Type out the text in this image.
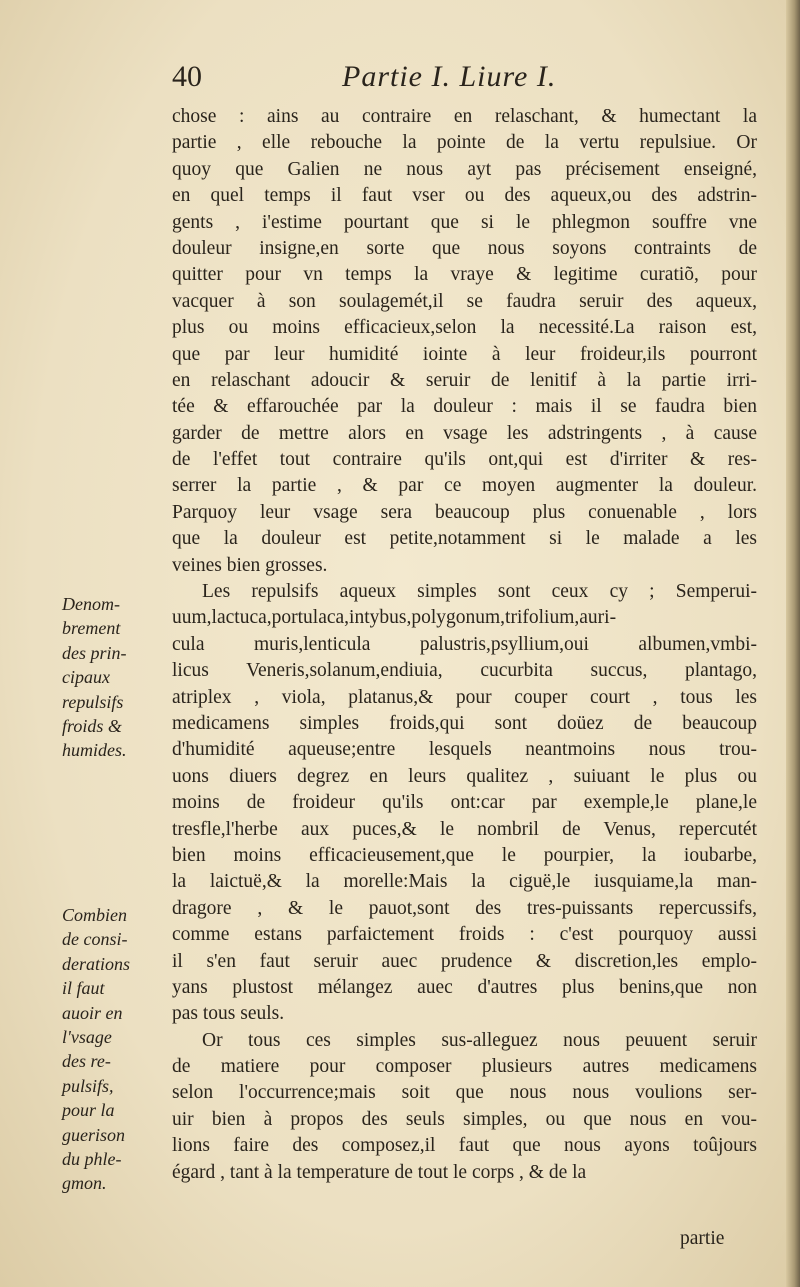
40	Partie I. Liure I.
chose : ains au contraire en relaschant, & humectant la
partie , elle rebouche la pointe de la vertu repulsiue. Or
quoy que Galien ne nous ayt pas précisement enseigné,
en quel temps il faut vser ou des aqueux,ou des adstrin-
gents , i'estime pourtant que si le phlegmon souffre vne
douleur insigne,en sorte que nous soyons contraints de
quitter pour vn temps la vraye & legitime curatiõ, pour
vacquer à son soulagemét,il se faudra seruir des aqueux,
plus ou moins efficacieux,selon la necessité.La raison est,
que par leur humidité iointe à leur froideur,ils pourront
en relaschant adoucir & seruir de lenitif à la partie irri-
tée & effarouchée par la douleur : mais il se faudra bien
garder de mettre alors en vsage les adstringents , à cause
de l'effet tout contraire qu'ils ont,qui est d'irriter & res-
serrer la partie , & par ce moyen augmenter la douleur.
Parquoy leur vsage sera beaucoup plus conuenable , lors
que la douleur est petite,notamment si le malade a les
veines bien grosses.
Les repulsifs aqueux simples sont ceux cy ; Semperui-
uum,lactuca,portulaca,intybus,polygonum,trifolium,auri-
cula muris,lenticula palustris,psyllium,oui albumen,vmbi-
licus Veneris,solanum,endiuia, cucurbita succus, plantago,
atriplex , viola, platanus,& pour couper court , tous les
medicamens simples froids,qui sont doüez de beaucoup
d'humidité aqueuse;entre lesquels neantmoins nous trou-
uons diuers degrez en leurs qualitez , suiuant le plus ou
moins de froideur qu'ils ont:car par exemple,le plane,le
tresfle,l'herbe aux puces,& le nombril de Venus, repercutét
bien moins efficacieusement,que le pourpier, la ioubarbe,
la laictuë,& la morelle:Mais la ciguë,le iusquiame,la man-
dragore , & le pauot,sont des tres-puissants repercussifs,
comme estans parfaictement froids : c'est pourquoy aussi
il s'en faut seruir auec prudence & discretion,les emplo-
yans plustost mélangez auec d'autres plus benins,que non
pas tous seuls.
Or tous ces simples sus-alleguez nous peuuent seruir
de matiere pour composer plusieurs autres medicamens
selon l'occurrence;mais soit que nous nous voulions ser-
uir bien à propos des seuls simples, ou que nous en vou-
lions faire des composez,il faut que nous ayons toûjours
égard , tant à la temperature de tout le corps , & de la
Denom-
brement
des prin-
cipaux
repulsifs
froids &
humides.
Combien
de consi-
derations
il faut
auoir en
l'vsage
des re-
pulsifs,
pour la
guerison
du phle-
gmon.
partie
